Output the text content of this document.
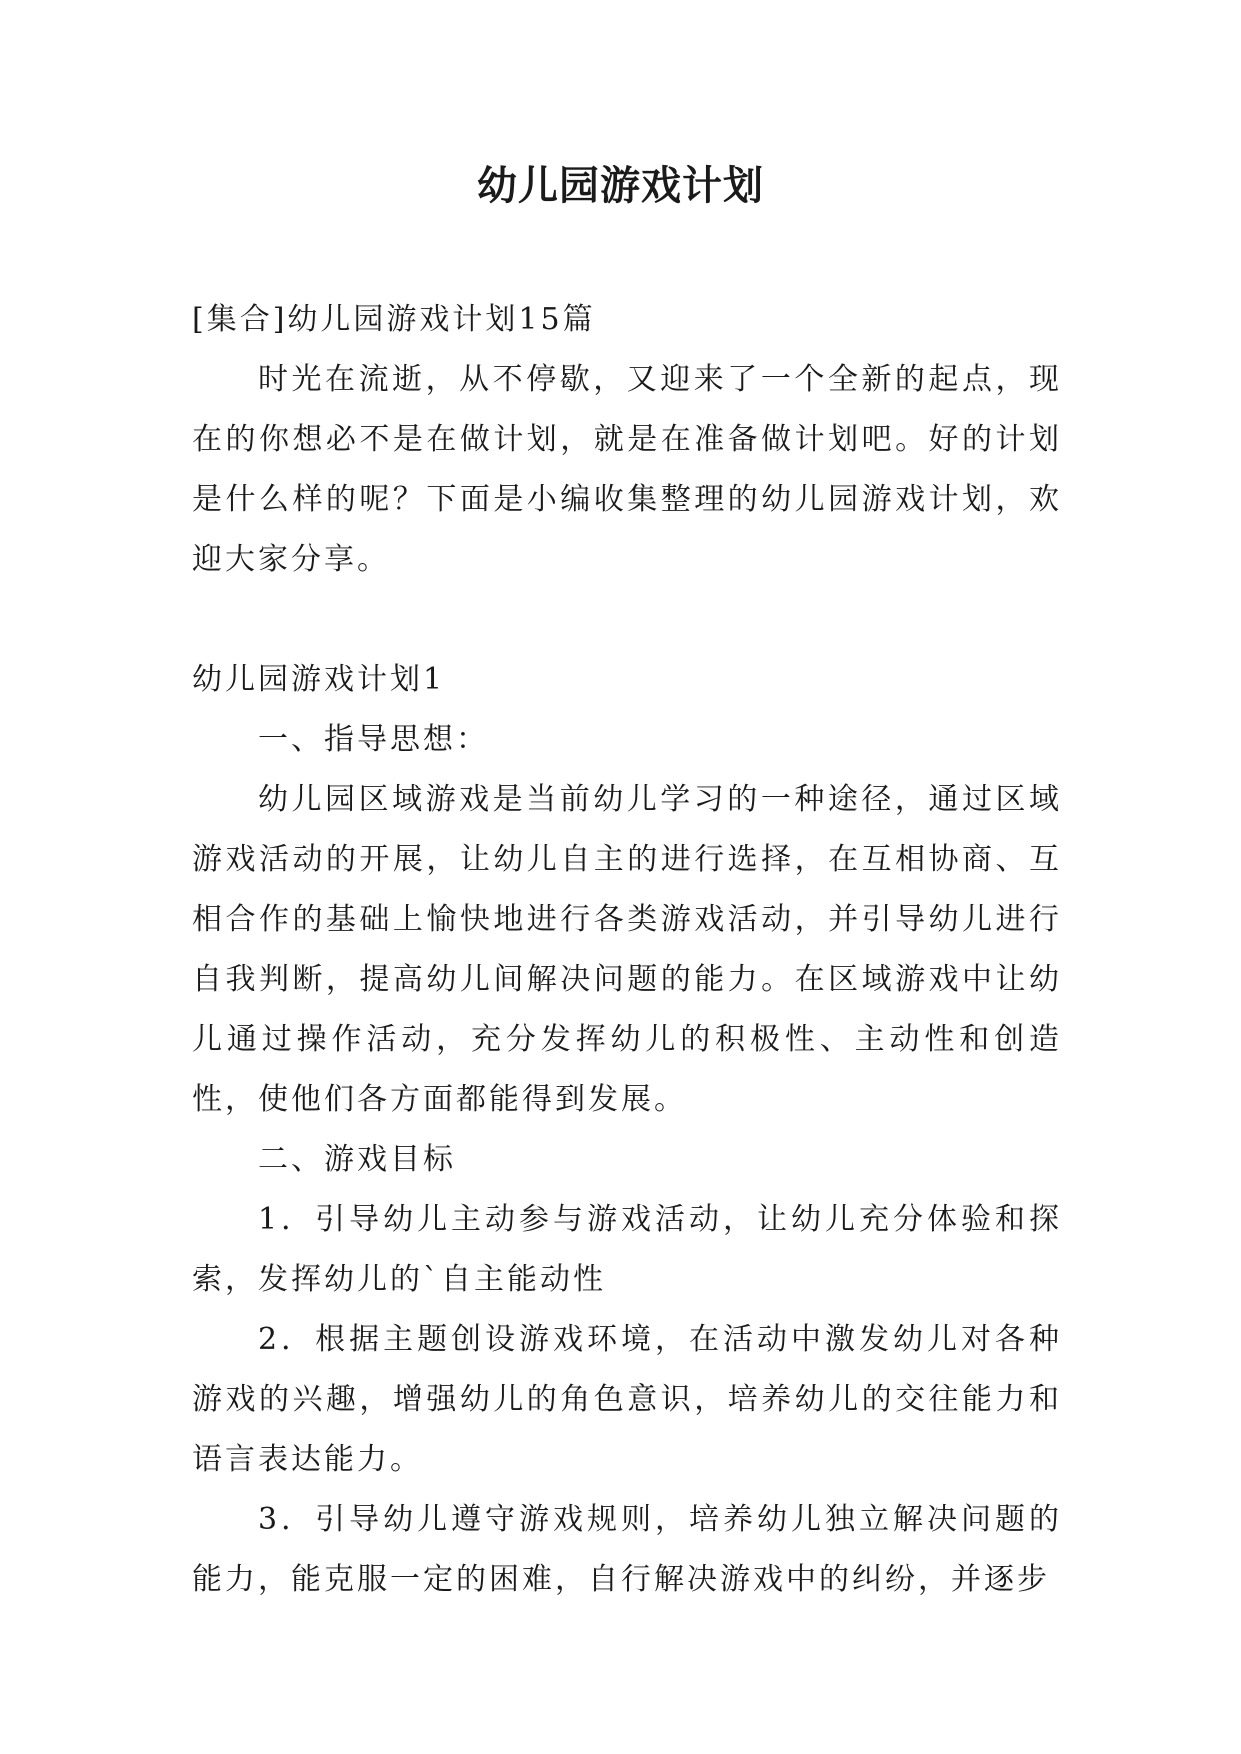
幼儿园游戏计划

[集合]幼儿园游戏计划15篇

时光在流逝，从不停歇，又迎来了一个全新的起点，现在的你想必不是在做计划，就是在准备做计划吧。好的计划是什么样的呢？下面是小编收集整理的幼儿园游戏计划，欢迎大家分享。

幼儿园游戏计划1

一、指导思想：

幼儿园区域游戏是当前幼儿学习的一种途径，通过区域游戏活动的开展，让幼儿自主的进行选择，在互相协商、互相合作的基础上愉快地进行各类游戏活动，并引导幼儿进行自我判断，提高幼儿间解决问题的能力。在区域游戏中让幼儿通过操作活动，充分发挥幼儿的积极性、主动性和创造性，使他们各方面都能得到发展。

二、游戏目标

1．引导幼儿主动参与游戏活动，让幼儿充分体验和探索，发挥幼儿的`自主能动性

2．根据主题创设游戏环境，在活动中激发幼儿对各种游戏的兴趣，增强幼儿的角色意识，培养幼儿的交往能力和语言表达能力。

3．引导幼儿遵守游戏规则，培养幼儿独立解决问题的能力，能克服一定的困难，自行解决游戏中的纠纷，并逐步
